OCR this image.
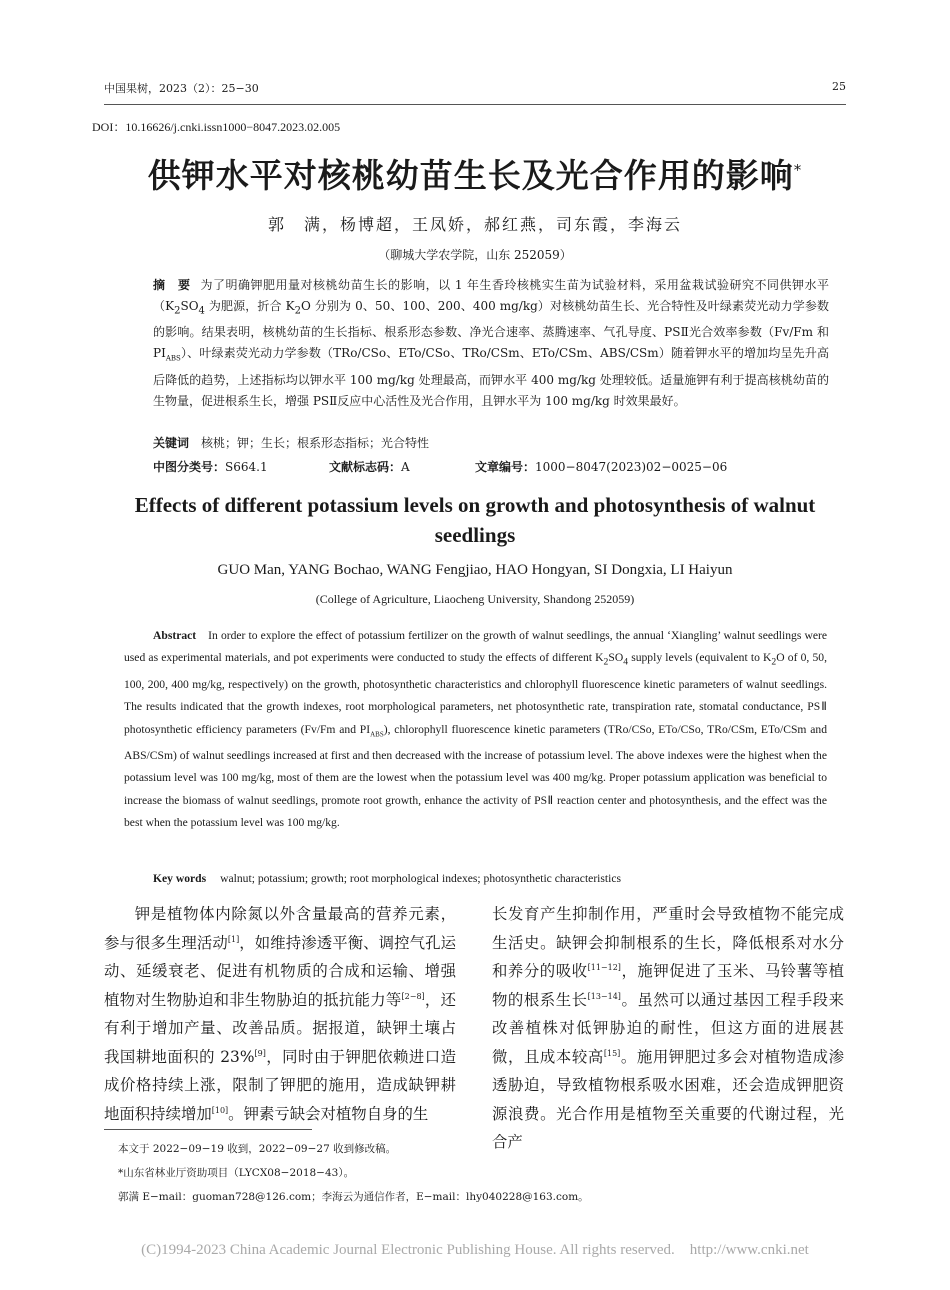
中国果树，2023（2）：25−30	25
DOI：10.16626/j.cnki.issn1000−8047.2023.02.005
供钾水平对核桃幼苗生长及光合作用的影响*
郭　满，杨博超，王凤娇，郝红燕，司东霞，李海云
（聊城大学农学院，山东 252059）
摘　要 为了明确钾肥用量对核桃幼苗生长的影响，以 1 年生香玲核桃实生苗为试验材料，采用盆栽试验研究不同供钾水平（$K_2SO_4$ 为肥源，折合 $K_2O$ 分别为 0、50、100、200、400 mg/kg）对核桃幼苗生长、光合特性及叶绿素荧光动力学参数的影响。结果表明，核桃幼苗的生长指标、根系形态参数、净光合速率、蒸腾速率、气孔导度、PSⅡ光合效率参数（Fv/Fm 和 $PI_{ABS}$）、叶绿素荧光动力学参数（TRo/CSo、ETo/CSo、TRo/CSm、ETo/CSm、ABS/CSm）随着钾水平的增加均呈先升高后降低的趋势，上述指标均以钾水平 100 mg/kg 处理最高，而钾水平 400 mg/kg 处理较低。适量施钾有利于提高核桃幼苗的生物量，促进根系生长，增强 PSⅡ反应中心活性及光合作用，且钾水平为 100 mg/kg 时效果最好。
关键词 核桃；钾；生长；根系形态指标；光合特性
中图分类号：S664.1	文献标志码：A	文章编号：1000−8047(2023)02−0025−06
Effects of different potassium levels on growth and photosynthesis of walnut seedlings
GUO Man, YANG Bochao, WANG Fengjiao, HAO Hongyan, SI Dongxia, LI Haiyun
(College of Agriculture, Liaocheng University, Shandong 252059)
Abstract In order to explore the effect of potassium fertilizer on the growth of walnut seedlings, the annual ‘Xiangling’ walnut seedlings were used as experimental materials, and pot experiments were conducted to study the effects of different $K_2SO_4$ supply levels (equivalent to $K_2O$ of 0, 50, 100, 200, 400 mg/kg, respectively) on the growth, photosynthetic characteristics and chlorophyll fluorescence kinetic parameters of walnut seedlings. The results indicated that the growth indexes, root morphological parameters, net photosynthetic rate, transpiration rate, stomatal conductance, PSⅡ photosynthetic efficiency parameters (Fv/Fm and $PI_{ABS}$), chlorophyll fluorescence kinetic parameters (TRo/CSo, ETo/CSo, TRo/CSm, ETo/CSm and ABS/CSm) of walnut seedlings increased at first and then decreased with the increase of potassium level. The above indexes were the highest when the potassium level was 100 mg/kg, most of them are the lowest when the potassium level was 400 mg/kg. Proper potassium application was beneficial to increase the biomass of walnut seedlings, promote root growth, enhance the activity of PSⅡ reaction center and photosynthesis, and the effect was the best when the potassium level was 100 mg/kg.
Key words walnut; potassium; growth; root morphological indexes; photosynthetic characteristics
钾是植物体内除氮以外含量最高的营养元素，参与很多生理活动[1]，如维持渗透平衡、调控气孔运动、延缓衰老、促进有机物质的合成和运输、增强植物对生物胁迫和非生物胁迫的抵抗能力等[2−8]，还有利于增加产量、改善品质。据报道，缺钾土壤占我国耕地面积的 23%[9]，同时由于钾肥依赖进口造成价格持续上涨，限制了钾肥的施用，造成缺钾耕地面积持续增加[10]。钾素亏缺会对植物自身的生
长发育产生抑制作用，严重时会导致植物不能完成生活史。缺钾会抑制根系的生长，降低根系对水分和养分的吸收[11−12]，施钾促进了玉米、马铃薯等植物的根系生长[13−14]。虽然可以通过基因工程手段来改善植株对低钾胁迫的耐性，但这方面的进展甚微，且成本较高[15]。施用钾肥过多会对植物造成渗透胁迫，导致植物根系吸水困难，还会造成钾肥资源浪费。光合作用是植物至关重要的代谢过程，光合产
本文于 2022−09−19 收到，2022−09−27 收到修改稿。
*山东省林业厅资助项目（LYCX08−2018−43）。
郭满 E−mail：guoman728@126.com；李海云为通信作者，E−mail：lhy040228@163.com。
(C)1994-2023 China Academic Journal Electronic Publishing House. All rights reserved.    http://www.cnki.net
